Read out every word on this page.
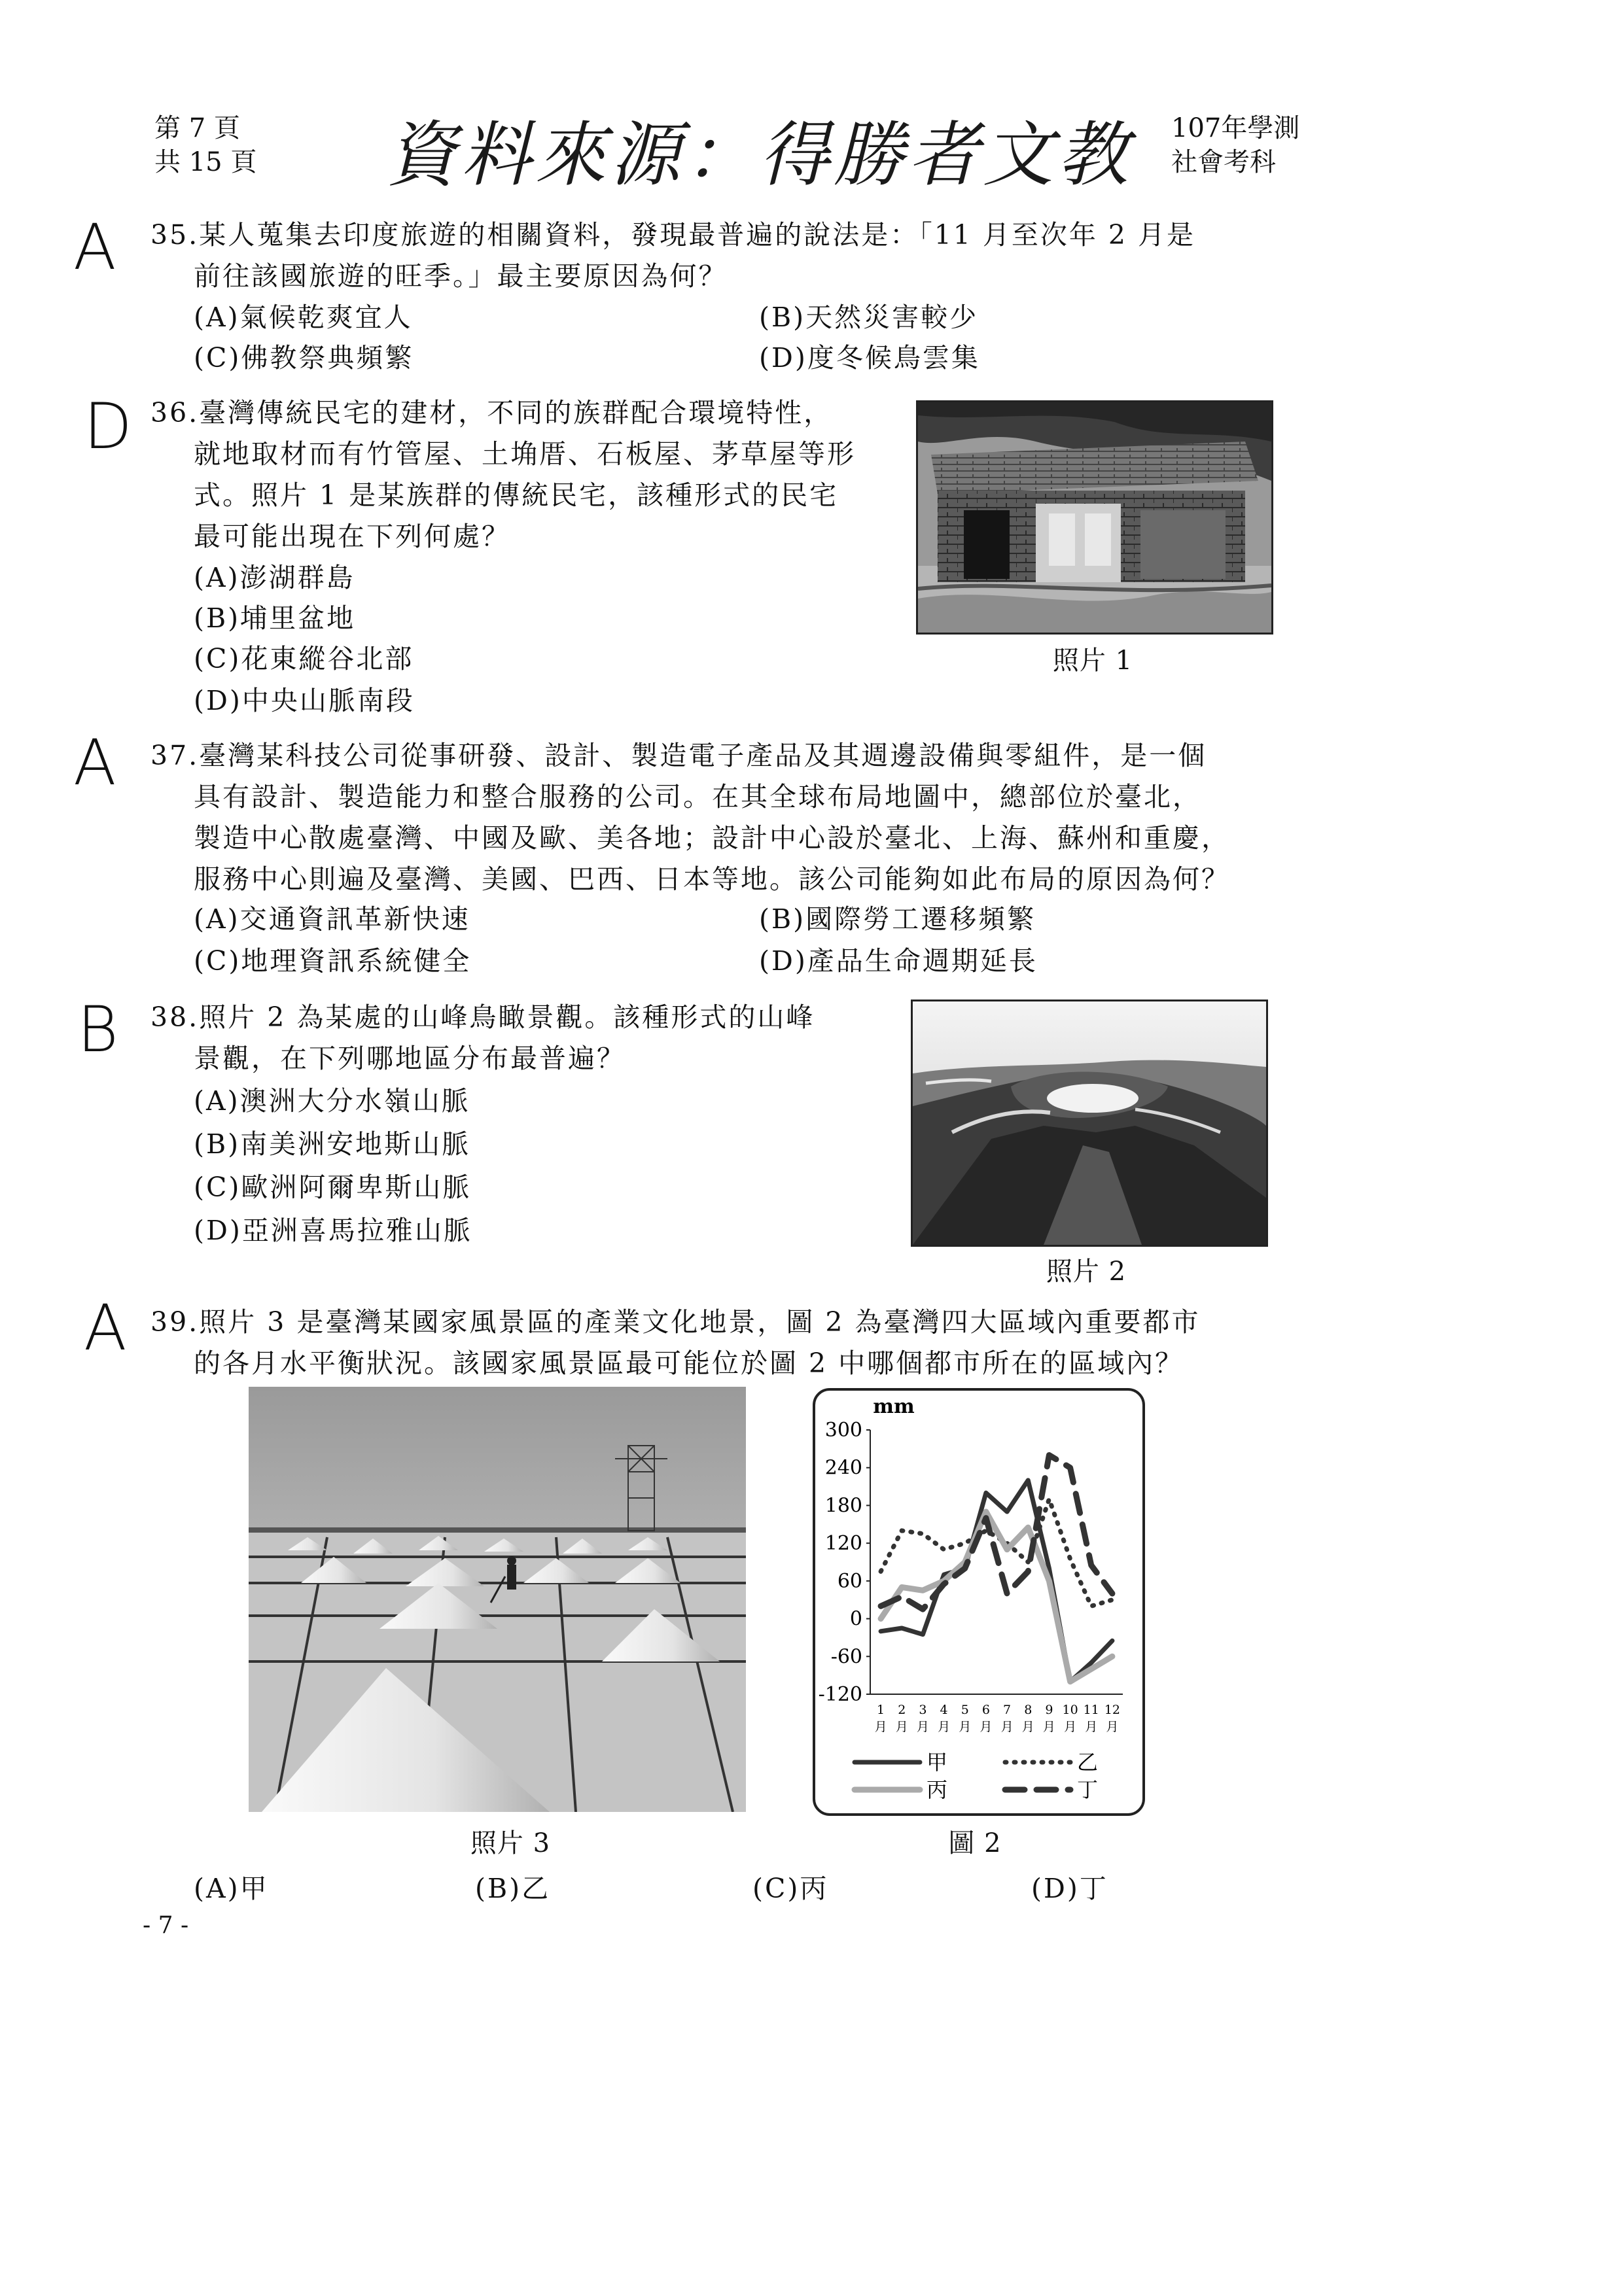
第 7 頁
共 15 頁 資料來源：得勝者文教 107年學測
社會考科
A 35.某人蒐集去印度旅遊的相關資料，發現最普遍的說法是：「11 月至次年 2 月是
前往該國旅遊的旺季。」最主要原因為何？
(A)氣候乾爽宜人	(B)天然災害較少
(C)佛教祭典頻繁	(D)度冬候鳥雲集
D 36.臺灣傳統民宅的建材，不同的族群配合環境特性，
就地取材而有竹管屋、土埆厝、石板屋、茅草屋等形
式。照片 1 是某族群的傳統民宅，該種形式的民宅
最可能出現在下列何處？
(A)澎湖群島
(B)埔里盆地
(C)花東縱谷北部
(D)中央山脈南段
照片 1
A 37.臺灣某科技公司從事研發、設計、製造電子產品及其週邊設備與零組件，是一個
具有設計、製造能力和整合服務的公司。在其全球布局地圖中，總部位於臺北，
製造中心散處臺灣、中國及歐、美各地；設計中心設於臺北、上海、蘇州和重慶，
服務中心則遍及臺灣、美國、巴西、日本等地。該公司能夠如此布局的原因為何？
(A)交通資訊革新快速	(B)國際勞工遷移頻繁
(C)地理資訊系統健全	(D)產品生命週期延長
B 38.照片 2 為某處的山峰鳥瞰景觀。該種形式的山峰
景觀，在下列哪地區分布最普遍？
(A)澳洲大分水嶺山脈
(B)南美洲安地斯山脈
(C)歐洲阿爾卑斯山脈
(D)亞洲喜馬拉雅山脈
照片 2
A 39.照片 3 是臺灣某國家風景區的產業文化地景，圖 2 為臺灣四大區域內重要都市
的各月水平衡狀況。該國家風景區最可能位於圖 2 中哪個都市所在的區域內？
照片 3
mm
300
240
180
120
60
0
-60
-120
1
月
2
月
3
月
4
月
5
月
6
月
7
月
8
月
9
月
10
月
11
月
12
月
甲	乙
丙	丁
圖 2
(A)甲	(B)乙	(C)丙	(D)丁
- 7 -
